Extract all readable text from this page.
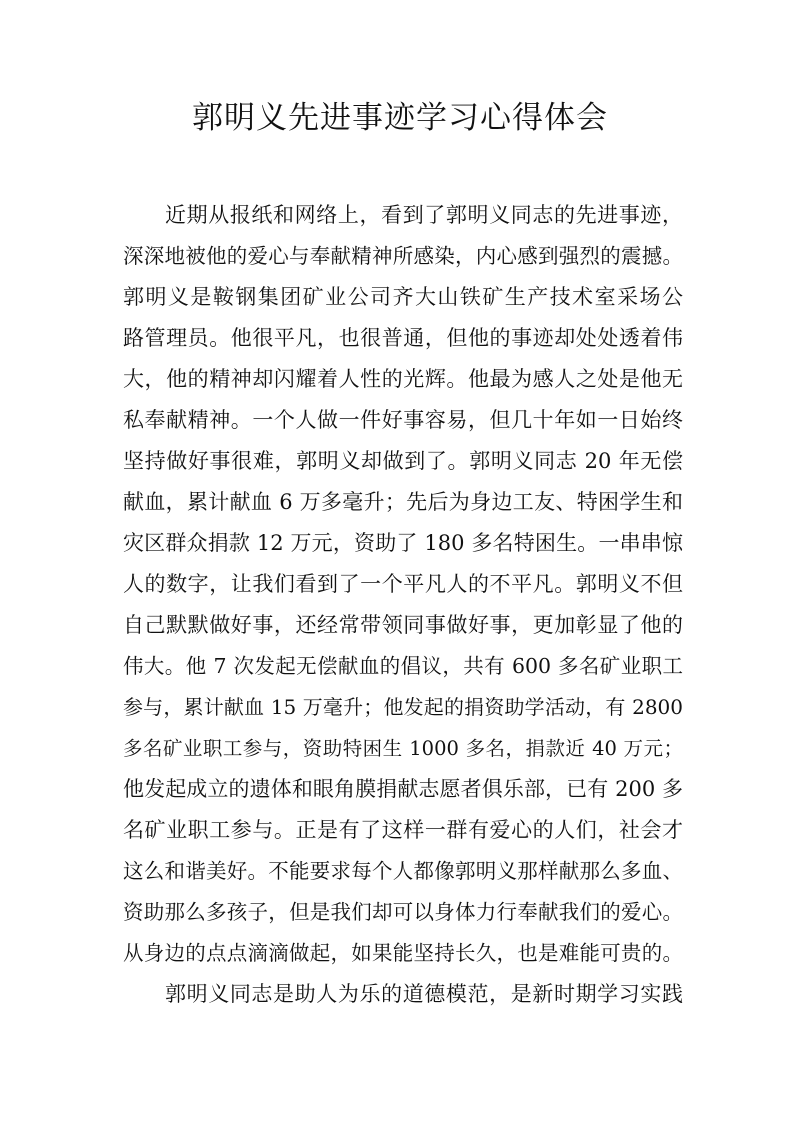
郭明义先进事迹学习心得体会
近期从报纸和网络上，看到了郭明义同志的先进事迹，
深深地被他的爱心与奉献精神所感染，内心感到强烈的震撼。
郭明义是鞍钢集团矿业公司齐大山铁矿生产技术室采场公
路管理员。他很平凡，也很普通，但他的事迹却处处透着伟
大，他的精神却闪耀着人性的光辉。他最为感人之处是他无
私奉献精神。一个人做一件好事容易，但几十年如一日始终
坚持做好事很难，郭明义却做到了。郭明义同志 20 年无偿
献血，累计献血 6 万多毫升；先后为身边工友、特困学生和
灾区群众捐款 12 万元，资助了 180 多名特困生。一串串惊
人的数字，让我们看到了一个平凡人的不平凡。郭明义不但
自己默默做好事，还经常带领同事做好事，更加彰显了他的
伟大。他 7 次发起无偿献血的倡议，共有 600 多名矿业职工
参与，累计献血 15 万毫升；他发起的捐资助学活动，有 2800
多名矿业职工参与，资助特困生 1000 多名，捐款近 40 万元；
他发起成立的遗体和眼角膜捐献志愿者俱乐部，已有 200 多
名矿业职工参与。正是有了这样一群有爱心的人们，社会才
这么和谐美好。不能要求每个人都像郭明义那样献那么多血、
资助那么多孩子，但是我们却可以身体力行奉献我们的爱心。
从身边的点点滴滴做起，如果能坚持长久，也是难能可贵的。
郭明义同志是助人为乐的道德模范，是新时期学习实践
